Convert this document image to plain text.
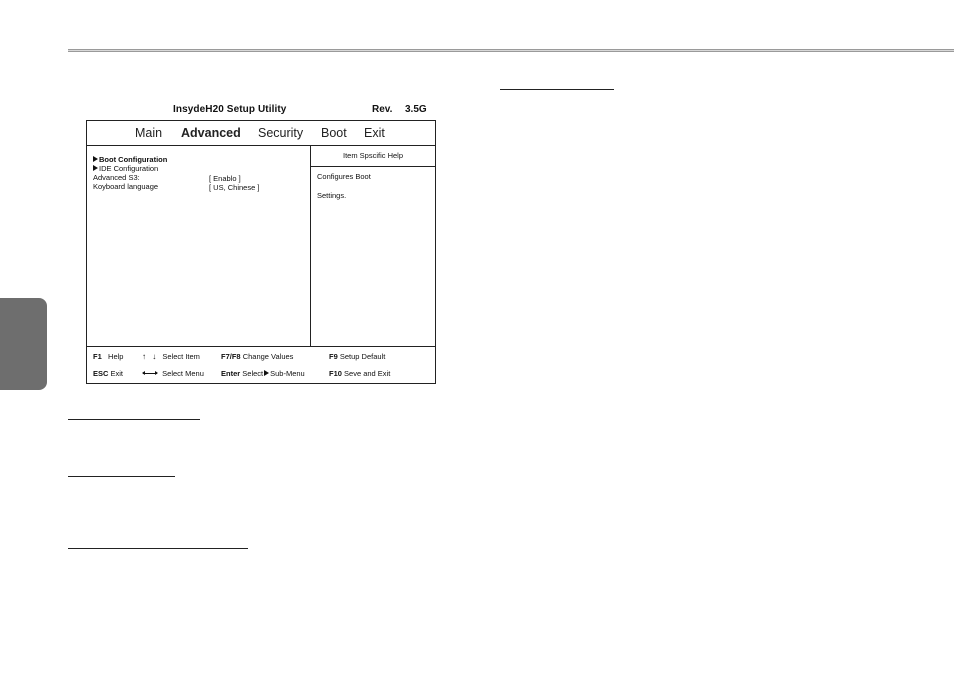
InsydeH20 Setup Utility	Rev. 3.5G
Main Advanced Security Boot Exit
Boot Configuration
IDE Configuration
Advanced S3:	[ Enablo ]
Koyboard language	[ US, Chinese ]
Item Spscific Help
Configures Boot
Settings.
F1 Help ↑ ↓ Select Item	F7/F8 Change Values	F9 Setup Default
ESC Exit	Select Menu Enter Select Sub-Menu	F10 Seve and Exit
